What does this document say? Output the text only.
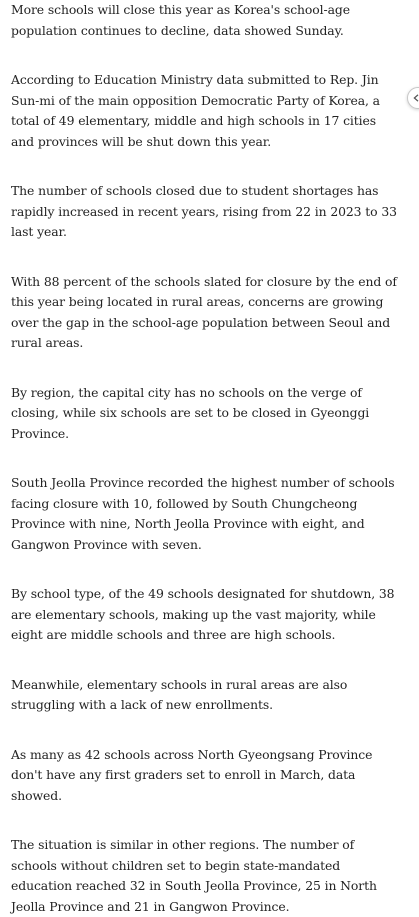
More schools will close this year as Korea's school-age population continues to decline, data showed Sunday.

According to Education Ministry data submitted to Rep. Jin Sun-mi of the main opposition Democratic Party of Korea, a total of 49 elementary, middle and high schools in 17 cities and provinces will be shut down this year.

The number of schools closed due to student shortages has rapidly increased in recent years, rising from 22 in 2023 to 33 last year.

With 88 percent of the schools slated for closure by the end of this year being located in rural areas, concerns are growing over the gap in the school-age population between Seoul and rural areas.

By region, the capital city has no schools on the verge of closing, while six schools are set to be closed in Gyeonggi Province.

South Jeolla Province recorded the highest number of schools facing closure with 10, followed by South Chungcheong Province with nine, North Jeolla Province with eight, and Gangwon Province with seven.

By school type, of the 49 schools designated for shutdown, 38 are elementary schools, making up the vast majority, while eight are middle schools and three are high schools.

Meanwhile, elementary schools in rural areas are also struggling with a lack of new enrollments.

As many as 42 schools across North Gyeongsang Province don't have any first graders set to enroll in March, data showed.

The situation is similar in other regions. The number of schools without children set to begin state-mandated education reached 32 in South Jeolla Province, 25 in North Jeolla Province and 21 in Gangwon Province.
